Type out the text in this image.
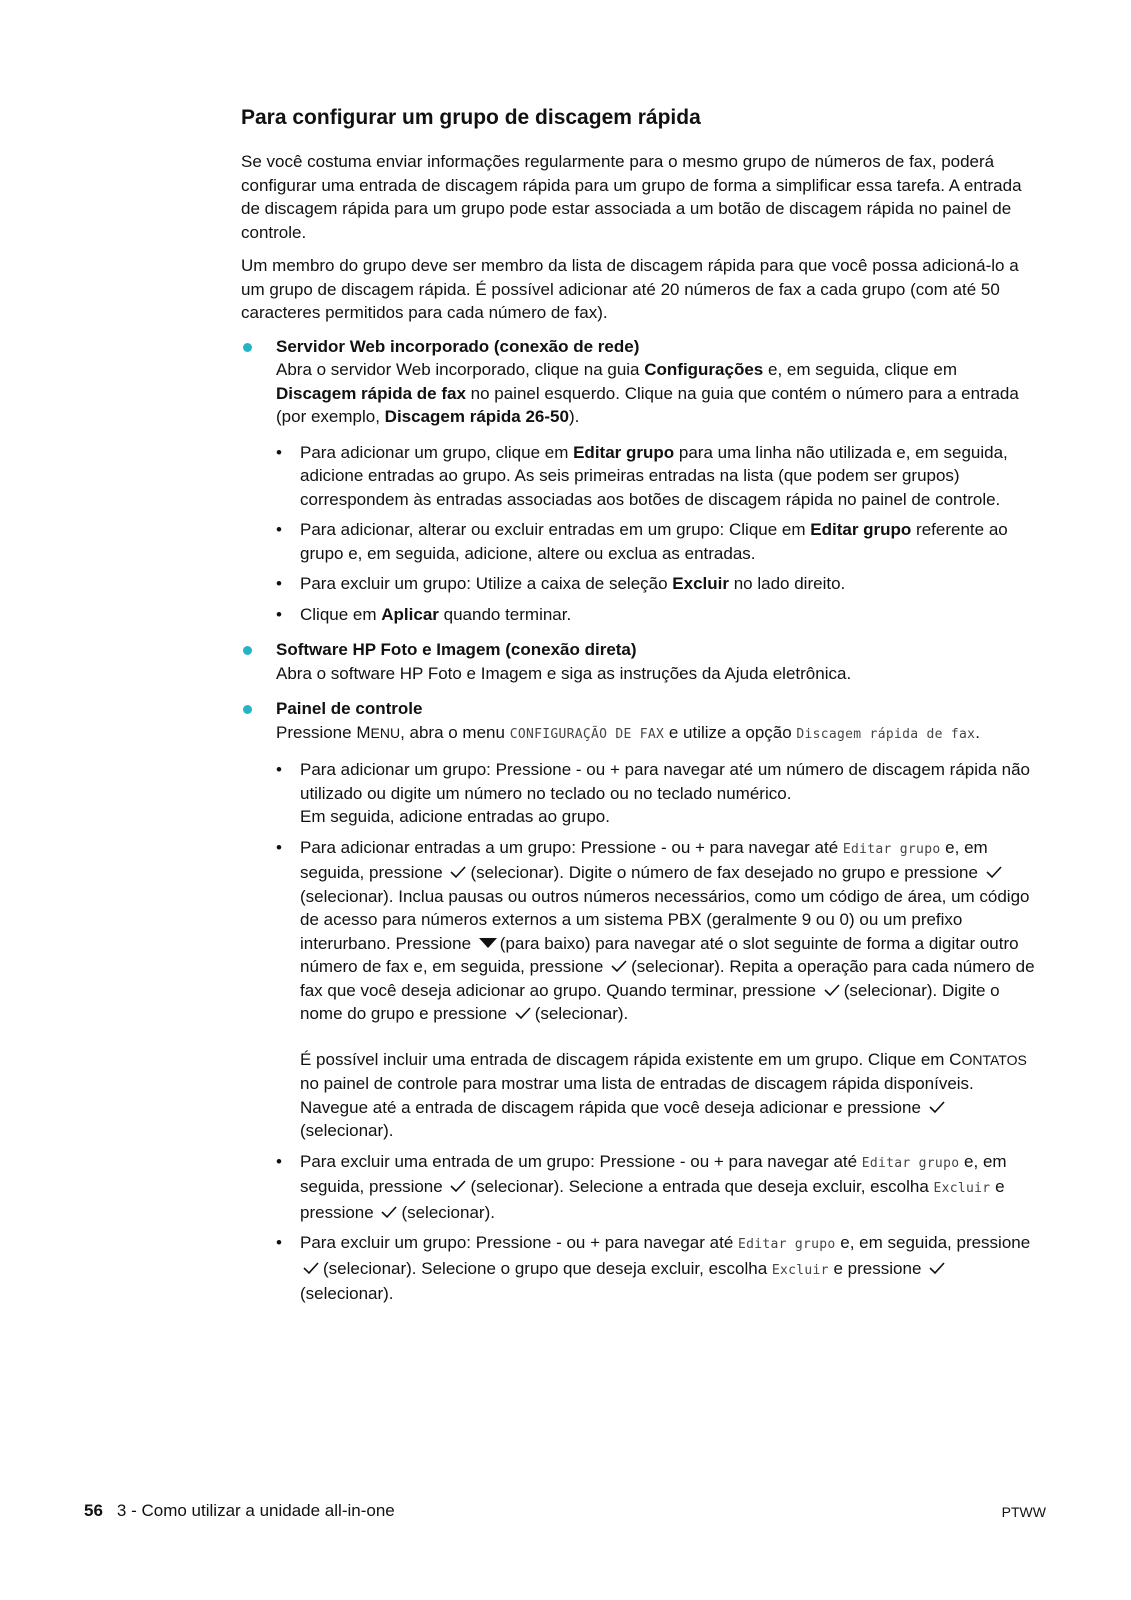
Para configurar um grupo de discagem rápida

Se você costuma enviar informações regularmente para o mesmo grupo de números de fax, poderá configurar uma entrada de discagem rápida para um grupo de forma a simplificar essa tarefa. A entrada de discagem rápida para um grupo pode estar associada a um botão de discagem rápida no painel de controle.

Um membro do grupo deve ser membro da lista de discagem rápida para que você possa adicioná-lo a um grupo de discagem rápida. É possível adicionar até 20 números de fax a cada grupo (com até 50 caracteres permitidos para cada número de fax).

Servidor Web incorporado (conexão de rede)
Abra o servidor Web incorporado, clique na guia Configurações e, em seguida, clique em Discagem rápida de fax no painel esquerdo. Clique na guia que contém o número para a entrada (por exemplo, Discagem rápida 26-50).
• Para adicionar um grupo, clique em Editar grupo para uma linha não utilizada e, em seguida, adicione entradas ao grupo. As seis primeiras entradas na lista (que podem ser grupos) correspondem às entradas associadas aos botões de discagem rápida no painel de controle.
• Para adicionar, alterar ou excluir entradas em um grupo: Clique em Editar grupo referente ao grupo e, em seguida, adicione, altere ou exclua as entradas.
• Para excluir um grupo: Utilize a caixa de seleção Excluir no lado direito.
• Clique em Aplicar quando terminar.
Software HP Foto e Imagem (conexão direta)
Abra o software HP Foto e Imagem e siga as instruções da Ajuda eletrônica.
Painel de controle
Pressione MENU, abra o menu CONFIGURAÇÃO DE FAX e utilize a opção Discagem rápida de fax.
• Para adicionar um grupo: Pressione - ou + para navegar até um número de discagem rápida não utilizado ou digite um número no teclado ou no teclado numérico.
Em seguida, adicione entradas ao grupo.
• Para adicionar entradas a um grupo: Pressione - ou + para navegar até Editar grupo e, em seguida, pressione (selecionar). Digite o número de fax desejado no grupo e pressione (selecionar). Inclua pausas ou outros números necessários, como um código de área, um código de acesso para números externos a um sistema PBX (geralmente 9 ou 0) ou um prefixo interurbano. Pressione (para baixo) para navegar até o slot seguinte de forma a digitar outro número de fax e, em seguida, pressione (selecionar). Repita a operação para cada número de fax que você deseja adicionar ao grupo. Quando terminar, pressione (selecionar). Digite o nome do grupo e pressione (selecionar).
É possível incluir uma entrada de discagem rápida existente em um grupo. Clique em CONTATOS no painel de controle para mostrar uma lista de entradas de discagem rápida disponíveis. Navegue até a entrada de discagem rápida que você deseja adicionar e pressione (selecionar).
• Para excluir uma entrada de um grupo: Pressione - ou + para navegar até Editar grupo e, em seguida, pressione (selecionar). Selecione a entrada que deseja excluir, escolha Excluir e pressione (selecionar).
• Para excluir um grupo: Pressione - ou + para navegar até Editar grupo e, em seguida, pressione (selecionar). Selecione o grupo que deseja excluir, escolha Excluir e pressione (selecionar).
56 3 - Como utilizar a unidade all-in-one	PTWW
